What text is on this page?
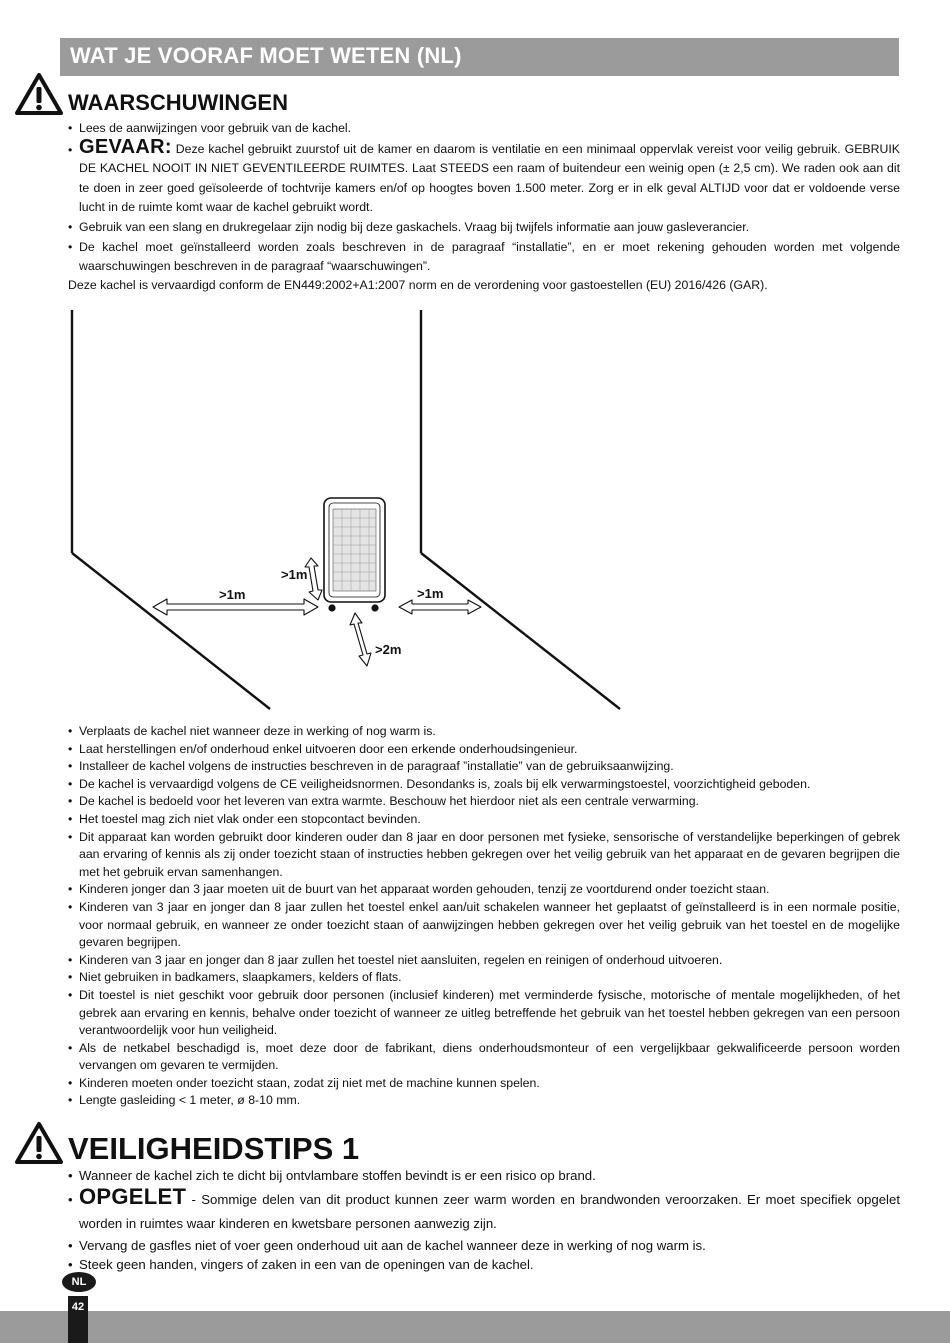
WAT JE VOORAF MOET WETEN (NL)
WAARSCHUWINGEN
• Lees de aanwijzingen voor gebruik van de kachel.
• GEVAAR: Deze kachel gebruikt zuurstof uit de kamer en daarom is ventilatie en een minimaal oppervlak vereist voor veilig gebruik. GEBRUIK DE KACHEL NOOIT IN NIET GEVENTILEERDE RUIMTES. Laat STEEDS een raam of buitendeur een weinig open (± 2,5 cm). We raden ook aan dit te doen in zeer goed geïsoleerde of tochtvrije kamers en/of op hoogtes boven 1.500 meter. Zorg er in elk geval ALTIJD voor dat er voldoende verse lucht in de ruimte komt waar de kachel gebruikt wordt.
• Gebruik van een slang en drukregelaar zijn nodig bij deze gaskachels. Vraag bij twijfels informatie aan jouw gasleverancier.
• De kachel moet geïnstalleerd worden zoals beschreven in de paragraaf “installatie”, en er moet rekening gehouden worden met volgende waarschuwingen beschreven in de paragraaf “waarschuwingen”.
Deze kachel is vervaardigd conform de EN449:2002+A1:2007 norm en de verordening voor gastoestellen (EU) 2016/426 (GAR).
>1m
>1m	>1m
>2m
• Verplaats de kachel niet wanneer deze in werking of nog warm is.
• Laat herstellingen en/of onderhoud enkel uitvoeren door een erkende onderhoudsingenieur.
• Installeer de kachel volgens de instructies beschreven in de paragraaf ”installatie” van de gebruiksaanwijzing.
• De kachel is vervaardigd volgens de CE veiligheidsnormen. Desondanks is, zoals bij elk verwarmingstoestel, voorzichtigheid geboden.
• De kachel is bedoeld voor het leveren van extra warmte. Beschouw het hierdoor niet als een centrale verwarming.
• Het toestel mag zich niet vlak onder een stopcontact bevinden.
• Dit apparaat kan worden gebruikt door kinderen ouder dan 8 jaar en door personen met fysieke, sensorische of verstandelijke beperkingen of gebrek aan ervaring of kennis als zij onder toezicht staan of instructies hebben gekregen over het veilig gebruik van het apparaat en de gevaren begrijpen die met het gebruik ervan samenhangen.
• Kinderen jonger dan 3 jaar moeten uit de buurt van het apparaat worden gehouden, tenzij ze voortdurend onder toezicht staan.
• Kinderen van 3 jaar en jonger dan 8 jaar zullen het toestel enkel aan/uit schakelen wanneer het geplaatst of geïnstalleerd is in een normale positie, voor normaal gebruik, en wanneer ze onder toezicht staan of aanwijzingen hebben gekregen over het veilig gebruik van het toestel en de mogelijke gevaren begrijpen.
• Kinderen van 3 jaar en jonger dan 8 jaar zullen het toestel niet aansluiten, regelen en reinigen of onderhoud uitvoeren.
• Niet gebruiken in badkamers, slaapkamers, kelders of flats.
• Dit toestel is niet geschikt voor gebruik door personen (inclusief kinderen) met verminderde fysische, motorische of mentale mogelijkheden, of het gebrek aan ervaring en kennis, behalve onder toezicht of wanneer ze uitleg betreffende het gebruik van het toestel hebben gekregen van een persoon verantwoordelijk voor hun veiligheid.
• Als de netkabel beschadigd is, moet deze door de fabrikant, diens onderhoudsmonteur of een vergelijkbaar gekwalificeerde persoon worden vervangen om gevaren te vermijden.
• Kinderen moeten onder toezicht staan, zodat zij niet met de machine kunnen spelen.
• Lengte gasleiding < 1 meter, ø 8-10 mm.
VEILIGHEIDSTIPS 1
• Wanneer de kachel zich te dicht bij ontvlambare stoffen bevindt is er een risico op brand.
• OPGELET - Sommige delen van dit product kunnen zeer warm worden en brandwonden veroorzaken. Er moet specifiek opgelet worden in ruimtes waar kinderen en kwetsbare personen aanwezig zijn.
• Vervang de gasfles niet of voer geen onderhoud uit aan de kachel wanneer deze in werking of nog warm is.
• Steek geen handen, vingers of zaken in een van de openingen van de kachel.
NL
42
